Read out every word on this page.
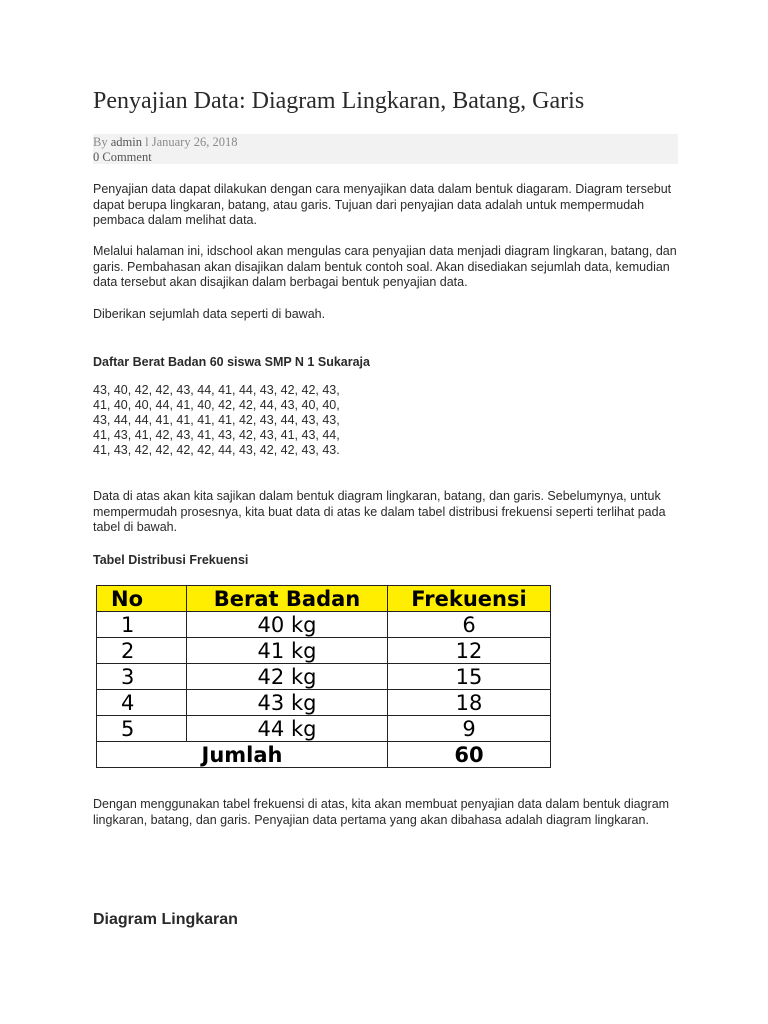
Penyajian Data: Diagram Lingkaran, Batang, Garis
By admin l January 26, 2018
0 Comment

Penyajian data dapat dilakukan dengan cara menyajikan data dalam bentuk diagaram. Diagram tersebut dapat berupa lingkaran, batang, atau garis. Tujuan dari penyajian data adalah untuk mempermudah pembaca dalam melihat data.

Melalui halaman ini, idschool akan mengulas cara penyajian data menjadi diagram lingkaran, batang, dan garis. Pembahasan akan disajikan dalam bentuk contoh soal. Akan disediakan sejumlah data, kemudian data tersebut akan disajikan dalam berbagai bentuk penyajian data.

Diberikan sejumlah data seperti di bawah.

Daftar Berat Badan 60 siswa SMP N 1 Sukaraja

43, 40, 42, 42, 43, 44, 41, 44, 43, 42, 42, 43,
41, 40, 40, 44, 41, 40, 42, 42, 44, 43, 40, 40,
43, 44, 44, 41, 41, 41, 41, 42, 43, 44, 43, 43,
41, 43, 41, 42, 43, 41, 43, 42, 43, 41, 43, 44,
41, 43, 42, 42, 42, 42, 44, 43, 42, 42, 43, 43.

Data di atas akan kita sajikan dalam bentuk diagram lingkaran, batang, dan garis. Sebelumynya, untuk mempermudah prosesnya, kita buat data di atas ke dalam tabel distribusi frekuensi seperti terlihat pada tabel di bawah.

Tabel Distribusi Frekuensi

No	Berat Badan	Frekuensi
1	40 kg	6
2	41 kg	12
3	42 kg	15
4	43 kg	18
5	44 kg	9
Jumlah		60

Dengan menggunakan tabel frekuensi di atas, kita akan membuat penyajian data dalam bentuk diagram lingkaran, batang, dan garis. Penyajian data pertama yang akan dibahasa adalah diagram lingkaran.

Diagram Lingkaran
